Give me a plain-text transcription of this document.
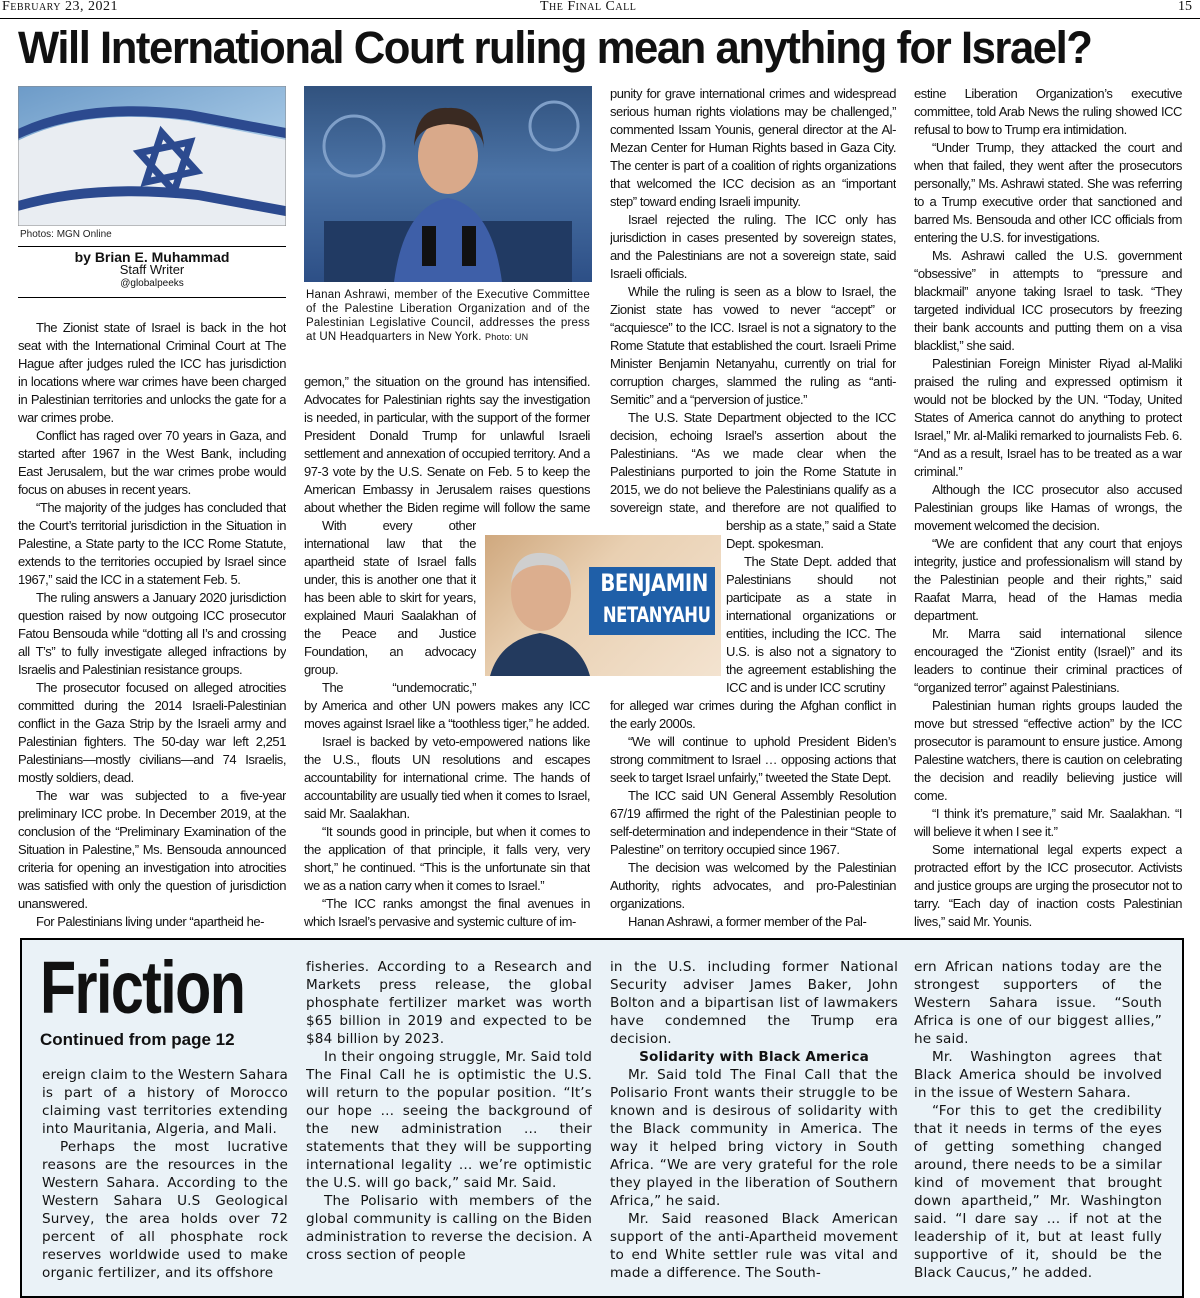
February 23, 2021	The Final Call	15
Will International Court ruling mean anything for Israel?
Photos: MGN Online
by Brian E. Muhammad
Staff Writer
@globalpeeks
Hanan Ashrawi, member of the Executive Committee of the Palestine Liberation Organization and of the Palestinian Legislative Council, addresses the press at UN Headquarters in New York. Photo: UN
BENJAMIN
NETANYAHU

The Zionist state of Israel is back in the hot seat with the International Criminal Court at The Hague after judges ruled the ICC has jurisdiction in locations where war crimes have been charged in Palestinian territories and unlocks the gate for a war crimes probe.

Conflict has raged over 70 years in Gaza, and started after 1967 in the West Bank, including East Jerusalem, but the war crimes probe would focus on abuses in recent years.

“The majority of the judges has concluded that the Court’s territorial jurisdiction in the Situation in Palestine, a State party to the ICC Rome Statute, extends to the territories occupied by Israel since 1967,” said the ICC in a statement Feb. 5.

The ruling answers a January 2020 jurisdiction question raised by now outgoing ICC prosecutor Fatou Bensouda while “dotting all I’s and crossing all T’s” to fully investigate alleged infractions by Israelis and Palestinian resistance groups.

The prosecutor focused on alleged atrocities committed during the 2014 Israeli-Palestinian conflict in the Gaza Strip by the Israeli army and Palestinian fighters. The 50-day war left 2,251 Palestinians—mostly civilians—and 74 Israelis, mostly soldiers, dead.

The war was subjected to a five-year preliminary ICC probe. In December 2019, at the conclusion of the “Preliminary Examination of the Situation in Palestine,” Ms. Bensouda announced criteria for opening an investigation into atrocities was satisfied with only the question of jurisdiction unanswered.

For Palestinians living under “apartheid he-

gemon,” the situation on the ground has intensified. Advocates for Palestinian rights say the investigation is needed, in particular, with the support of the former President Donald Trump for unlawful Israeli settlement and annexation of occupied territory. And a 97-3 vote by the U.S. Senate on Feb. 5 to keep the American Embassy in Jerusalem raises questions about whether the Biden regime will follow the same

With every other international law that the apartheid state of Israel falls under, this is another one that it has been able to skirt for years, explained Mauri Saalakhan of the Peace and Justice Foundation, an advocacy group.

The “undemocratic,”

by America and other UN powers makes any ICC moves against Israel like a “toothless tiger,” he added.

Israel is backed by veto-empowered nations like the U.S., flouts UN resolutions and escapes accountability for international crime. The hands of accountability are usually tied when it comes to Israel, said Mr. Saalakhan.

“It sounds good in principle, but when it comes to the application of that principle, it falls very, very short,” he continued. “This is the unfortunate sin that we as a nation carry when it comes to Israel.”

“The ICC ranks amongst the final avenues in which Israel’s pervasive and systemic culture of im-

punity for grave international crimes and widespread serious human rights violations may be challenged,” commented Issam Younis, general director at the Al-Mezan Center for Human Rights based in Gaza City. The center is part of a coalition of rights organizations that welcomed the ICC decision as an “important step” toward ending Israeli impunity.

Israel rejected the ruling. The ICC only has jurisdiction in cases presented by sovereign states, and the Palestinians are not a sovereign state, said Israeli officials.

While the ruling is seen as a blow to Israel, the Zionist state has vowed to never “accept” or “acquiesce” to the ICC. Israel is not a signatory to the Rome Statute that established the court. Israeli Prime Minister Benjamin Netanyahu, currently on trial for corruption charges, slammed the ruling as “anti-Semitic” and a “perversion of justice.”

The U.S. State Department objected to the ICC decision, echoing Israel’s assertion about the Palestinians. “As we made clear when the Palestinians purported to join the Rome Statute in 2015, we do not believe the Palestinians qualify as a sovereign state, and therefore are not qualified to

bership as a state,” said a State Dept. spokesman.

The State Dept. added that Palestinians should not participate as a state in international organizations or entities, including the ICC. The U.S. is also not a signatory to the agreement establishing the ICC and is under ICC scrutiny

for alleged war crimes during the Afghan conflict in the early 2000s.

“We will continue to uphold President Biden’s strong commitment to Israel … opposing actions that seek to target Israel unfairly,” tweeted the State Dept.

The ICC said UN General Assembly Resolution 67/19 affirmed the right of the Palestinian people to self-determination and independence in their “State of Palestine” on territory occupied since 1967.

The decision was welcomed by the Palestinian Authority, rights advocates, and pro-Palestinian organizations.

Hanan Ashrawi, a former member of the Pal-

estine Liberation Organization’s executive committee, told Arab News the ruling showed ICC refusal to bow to Trump era intimidation.

“Under Trump, they attacked the court and when that failed, they went after the prosecutors personally,” Ms. Ashrawi stated. She was referring to a Trump executive order that sanctioned and barred Ms. Bensouda and other ICC officials from entering the U.S. for investigations.

Ms. Ashrawi called the U.S. government “obsessive” in attempts to “pressure and blackmail” anyone taking Israel to task. “They targeted individual ICC prosecutors by freezing their bank accounts and putting them on a visa blacklist,” she said.

Palestinian Foreign Minister Riyad al-Maliki praised the ruling and expressed optimism it would not be blocked by the UN. “Today, United States of America cannot do anything to protect Israel,” Mr. al-Maliki remarked to journalists Feb. 6. “And as a result, Israel has to be treated as a war criminal.”

Although the ICC prosecutor also accused Palestinian groups like Hamas of wrongs, the movement welcomed the decision.

“We are confident that any court that enjoys integrity, justice and professionalism will stand by the Palestinian people and their rights,” said Raafat Marra, head of the Hamas media department.

Mr. Marra said international silence encouraged the “Zionist entity (Israel)” and its leaders to continue their criminal practices of “organized terror” against Palestinians.

Palestinian human rights groups lauded the move but stressed “effective action” by the ICC prosecutor is paramount to ensure justice. Among Palestine watchers, there is caution on celebrating the decision and readily believing justice will come.

“I think it’s premature,” said Mr. Saalakhan. “I will believe it when I see it.”

Some international legal experts expect a protracted effort by the ICC prosecutor. Activists and justice groups are urging the prosecutor not to tarry. “Each day of inaction costs Palestinian lives,” said Mr. Younis.

Friction
Continued from page 12

ereign claim to the Western Sahara is part of a history of Morocco claiming vast territories extending into Mauritania, Algeria, and Mali.

Perhaps the most lucrative reasons are the resources in the Western Sahara. According to the Western Sahara U.S Geological Survey, the area holds over 72 percent of all phosphate rock reserves worldwide used to make organic fertilizer, and its offshore

fisheries. According to a Research and Markets press release, the global phosphate fertilizer market was worth $65 billion in 2019 and expected to be $84 billion by 2023.

In their ongoing struggle, Mr. Said told The Final Call he is optimistic the U.S. will return to the popular position. “It’s our hope … seeing the background of the new administration … their statements that they will be supporting international legality … we’re optimistic the U.S. will go back,” said Mr. Said.

The Polisario with members of the global community is calling on the Biden administration to reverse the decision. A cross section of people

in the U.S. including former National Security adviser James Baker, John Bolton and a bipartisan list of lawmakers have condemned the Trump era decision.

Solidarity with Black America

Mr. Said told The Final Call that the Polisario Front wants their struggle to be known and is desirous of solidarity with the Black community in America. The way it helped bring victory in South Africa. “We are very grateful for the role they played in the liberation of Southern Africa,” he said.

Mr. Said reasoned Black American support of the anti-Apartheid movement to end White settler rule was vital and made a difference. The South-

ern African nations today are the strongest supporters of the Western Sahara issue. “South Africa is one of our biggest allies,” he said.

Mr. Washington agrees that Black America should be involved in the issue of Western Sahara.

“For this to get the credibility that it needs in terms of the eyes of getting something changed around, there needs to be a similar kind of movement that brought down apartheid,” Mr. Washington said. “I dare say … if not at the leadership of it, but at least fully supportive of it, should be the Black Caucus,” he added.
